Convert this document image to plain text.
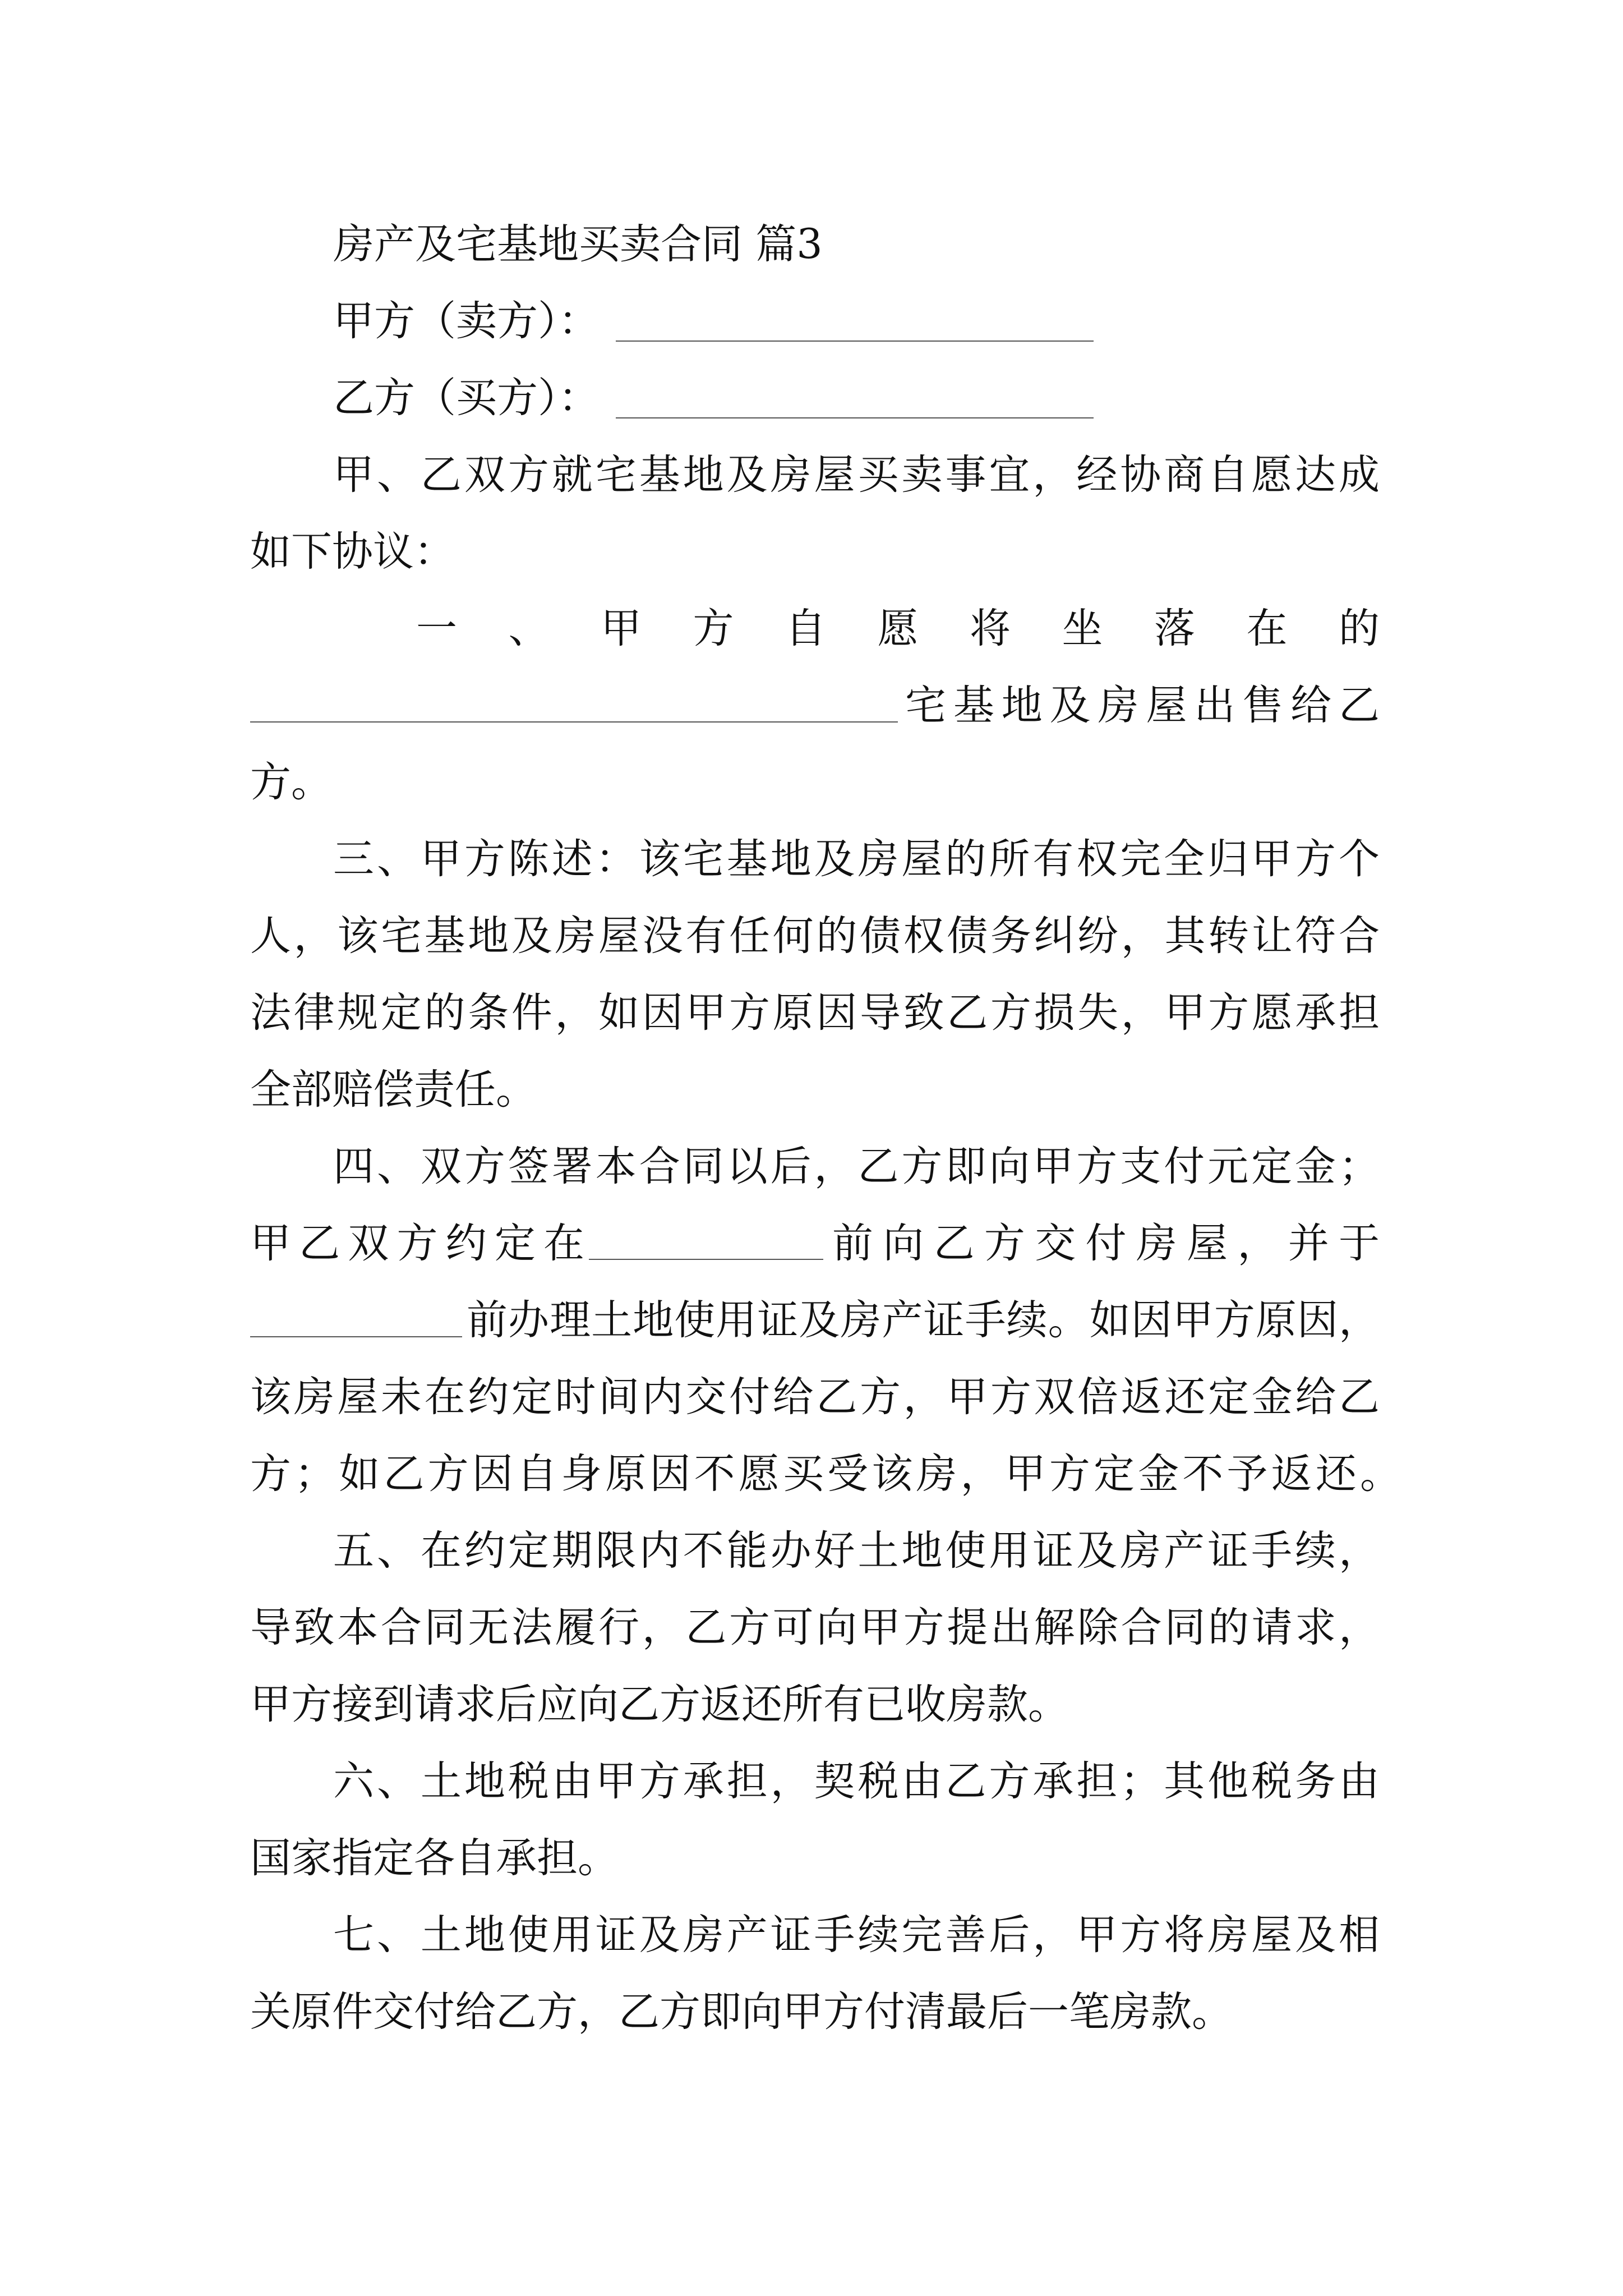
房产及宅基地买卖合同 篇3
甲方（卖方）：
乙方（买方）：
甲、乙双方就宅基地及房屋买卖事宜，经协商自愿达成
如下协议：
一、甲方自愿将坐落在的
宅基地及房屋出售给乙
方。
三、甲方陈述：该宅基地及房屋的所有权完全归甲方个
人，该宅基地及房屋没有任何的债权债务纠纷，其转让符合
法律规定的条件，如因甲方原因导致乙方损失，甲方愿承担
全部赔偿责任。
四、双方签署本合同以后，乙方即向甲方支付元定金；
甲乙双方约定在	前向乙方交付房屋，并于
前办理土地使用证及房产证手续。如因甲方原因，
该房屋未在约定时间内交付给乙方，甲方双倍返还定金给乙
方；如乙方因自身原因不愿买受该房，甲方定金不予返还。
五、在约定期限内不能办好土地使用证及房产证手续，
导致本合同无法履行，乙方可向甲方提出解除合同的请求，
甲方接到请求后应向乙方返还所有已收房款。
六、土地税由甲方承担，契税由乙方承担；其他税务由
国家指定各自承担。
七、土地使用证及房产证手续完善后，甲方将房屋及相
关原件交付给乙方，乙方即向甲方付清最后一笔房款。
